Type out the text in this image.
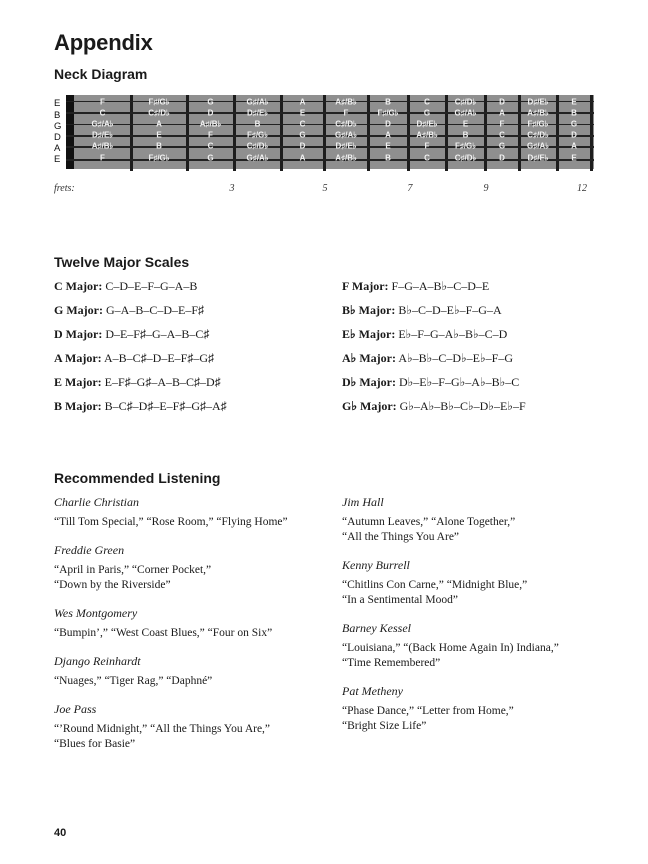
Appendix
Neck Diagram
E
B
G
D
A
E
F	F♯/G♭	G	G♯/A♭	A	A♯/B♭	B	C	C♯/D♭	D	D♯/E♭	E
C	C♯/D♭	D	D♯/E♭	E	F	F♯/G♭	G	G♯/A♭	A	A♯/B♭	B
G♯/A♭	A	A♯/B♭	B	C	C♯/D♭	D	D♯/E♭	E	F	F♯/G♭	G
D♯/E♭	E	F	F♯/G♭	G	G♯/A♭	A	A♯/B♭	B	C	C♯/D♭	D
A♯/B♭	B	C	C♯/D♭	D	D♯/E♭	E	F	F♯/G♭	G	G♯/A♭	A
F	F♯/G♭	G	G♯/A♭	A	A♯/B♭	B	C	C♯/D♭	D	D♯/E♭	E
frets:	3	5	7	9	12
Twelve Major Scales
C Major: C–D–E–F–G–A–B
G Major: G–A–B–C–D–E–F♯
D Major: D–E–F♯–G–A–B–C♯
A Major: A–B–C♯–D–E–F♯–G♯
E Major: E–F♯–G♯–A–B–C♯–D♯
B Major: B–C♯–D♯–E–F♯–G♯–A♯
F Major: F–G–A–B♭–C–D–E
B♭ Major: B♭–C–D–E♭–F–G–A
E♭ Major: E♭–F–G–A♭–B♭–C–D
A♭ Major: A♭–B♭–C–D♭–E♭–F–G
D♭ Major: D♭–E♭–F–G♭–A♭–B♭–C
G♭ Major: G♭–A♭–B♭–C♭–D♭–E♭–F
Recommended Listening
Charlie Christian
“Till Tom Special,” “Rose Room,” “Flying Home”
Freddie Green
“April in Paris,” “Corner Pocket,”
“Down by the Riverside”
Wes Montgomery
“Bumpin’,” “West Coast Blues,” “Four on Six”
Django Reinhardt
“Nuages,” “Tiger Rag,” “Daphné”
Joe Pass
“’Round Midnight,” “All the Things You Are,”
“Blues for Basie”
Jim Hall
“Autumn Leaves,” “Alone Together,”
“All the Things You Are”
Kenny Burrell
“Chitlins Con Carne,” “Midnight Blue,”
“In a Sentimental Mood”
Barney Kessel
“Louisiana,” “(Back Home Again In) Indiana,”
“Time Remembered”
Pat Metheny
“Phase Dance,” “Letter from Home,”
“Bright Size Life”
40
